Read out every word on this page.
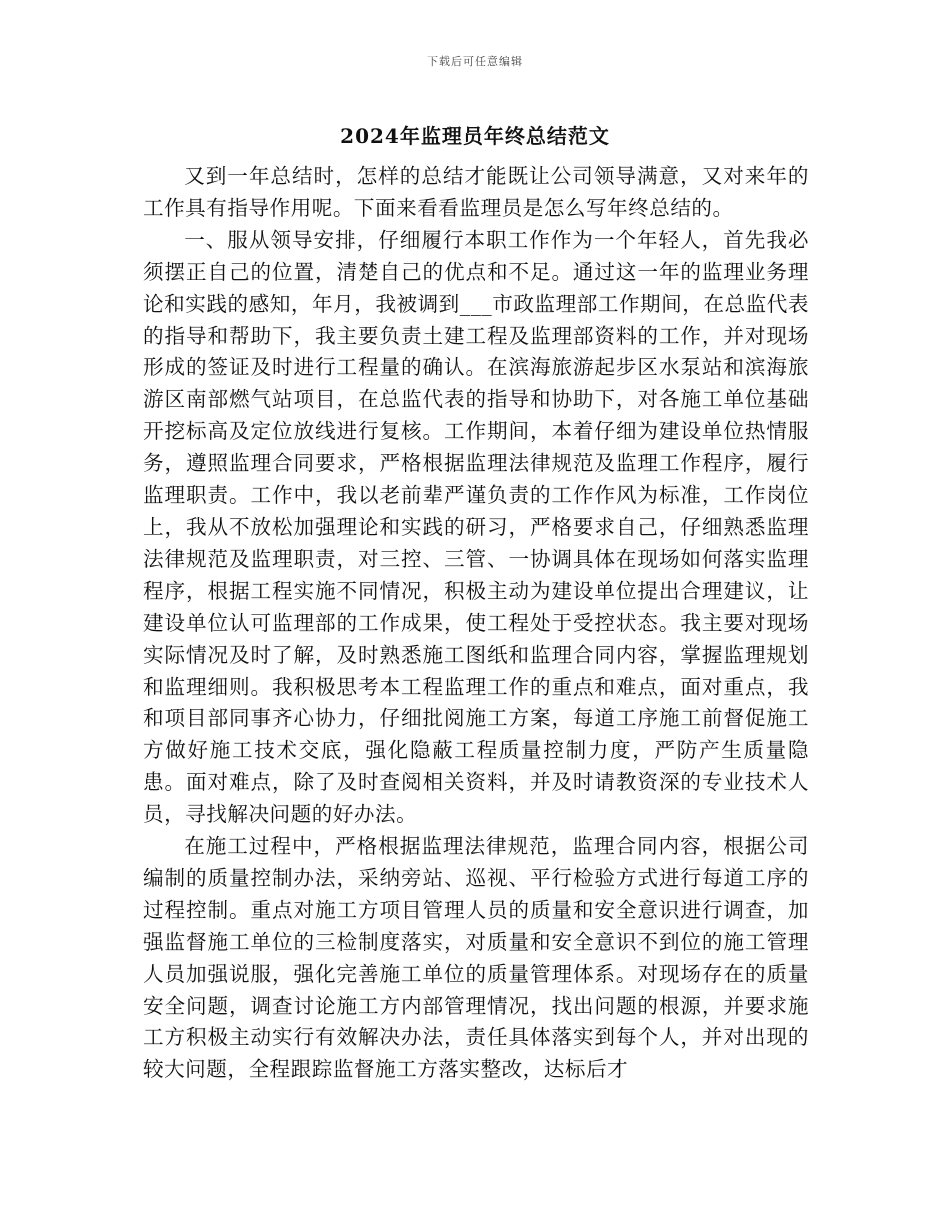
下载后可任意编辑
2024年监理员年终总结范文

又到一年总结时，怎样的总结才能既让公司领导满意，又对来年的工作具有指导作用呢。下面来看看监理员是怎么写年终总结的。

一、服从领导安排，仔细履行本职工作作为一个年轻人，首先我必须摆正自己的位置，清楚自己的优点和不足。通过这一年的监理业务理论和实践的感知，年月，我被调到___市政监理部工作期间，在总监代表的指导和帮助下，我主要负责土建工程及监理部资料的工作，并对现场形成的签证及时进行工程量的确认。在滨海旅游起步区水泵站和滨海旅游区南部燃气站项目，在总监代表的指导和协助下，对各施工单位基础开挖标高及定位放线进行复核。工作期间，本着仔细为建设单位热情服务，遵照监理合同要求，严格根据监理法律规范及监理工作程序，履行监理职责。工作中，我以老前辈严谨负责的工作作风为标准，工作岗位上，我从不放松加强理论和实践的研习，严格要求自己，仔细熟悉监理法律规范及监理职责，对三控、三管、一协调具体在现场如何落实监理程序，根据工程实施不同情况，积极主动为建设单位提出合理建议，让建设单位认可监理部的工作成果，使工程处于受控状态。我主要对现场实际情况及时了解，及时熟悉施工图纸和监理合同内容，掌握监理规划和监理细则。我积极思考本工程监理工作的重点和难点，面对重点，我和项目部同事齐心协力，仔细批阅施工方案，每道工序施工前督促施工方做好施工技术交底，强化隐蔽工程质量控制力度，严防产生质量隐患。面对难点，除了及时查阅相关资料，并及时请教资深的专业技术人员，寻找解决问题的好办法。

在施工过程中，严格根据监理法律规范，监理合同内容，根据公司编制的质量控制办法，采纳旁站、巡视、平行检验方式进行每道工序的过程控制。重点对施工方项目管理人员的质量和安全意识进行调查，加强监督施工单位的三检制度落实，对质量和安全意识不到位的施工管理人员加强说服，强化完善施工单位的质量管理体系。对现场存在的质量安全问题，调查讨论施工方内部管理情况，找出问题的根源，并要求施工方积极主动实行有效解决办法，责任具体落实到每个人，并对出现的较大问题，全程跟踪监督施工方落实整改，达标后才
